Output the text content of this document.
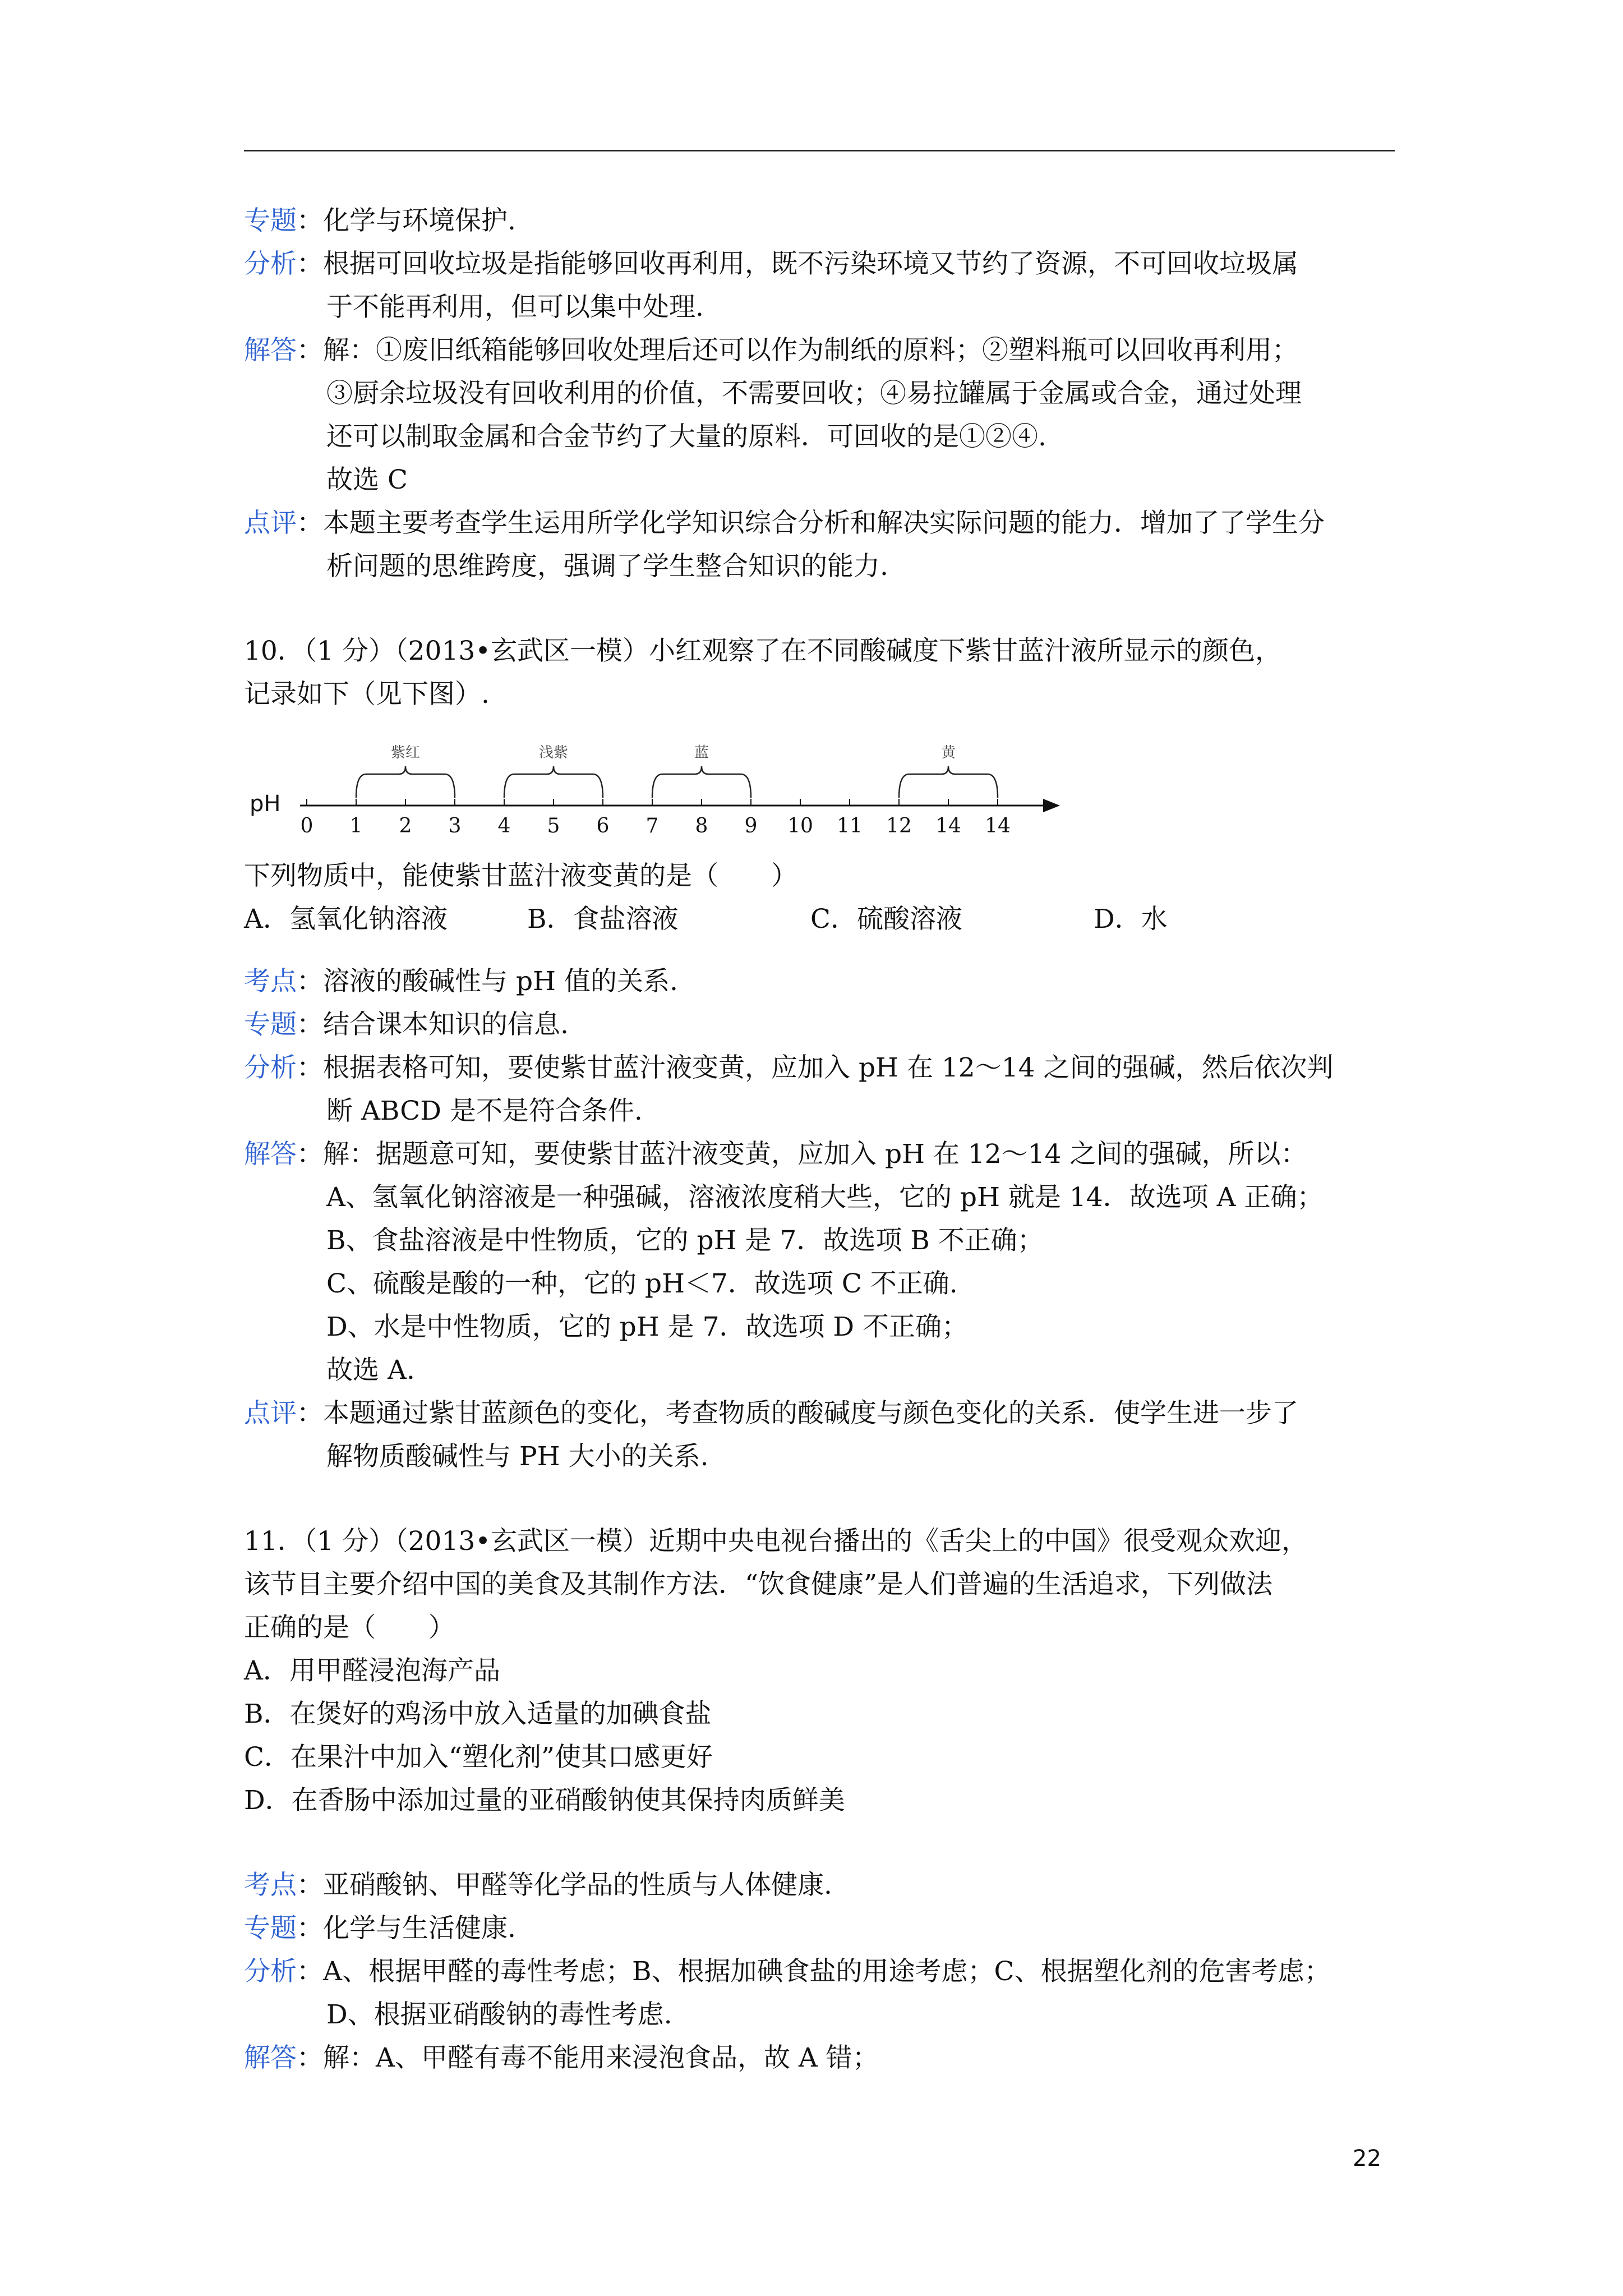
专题：化学与环境保护.
分析：根据可回收垃圾是指能够回收再利用，既不污染环境又节约了资源，不可回收垃圾属
于不能再利用，但可以集中处理.
解答：解：①废旧纸箱能够回收处理后还可以作为制纸的原料；②塑料瓶可以回收再利用；
③厨余垃圾没有回收利用的价值，不需要回收；④易拉罐属于金属或合金，通过处理
还可以制取金属和合金节约了大量的原料．可回收的是①②④.
故选 C
点评：本题主要考查学生运用所学化学知识综合分析和解决实际问题的能力．增加了了学生分
析问题的思维跨度，强调了学生整合知识的能力.
10．（1 分）（2013•玄武区一模）小红观察了在不同酸碱度下紫甘蓝汁液所显示的颜色，
记录如下（见下图）.
pH
0 1 2 3 4 5 6 7 8 9 10 11 12 14 14
紫红	浅紫	蓝	黄
下列物质中，能使紫甘蓝汁液变黄的是（　　）
A．氢氧化钠溶液	B．食盐溶液	C．硫酸溶液	D．水
考点：溶液的酸碱性与 pH 值的关系.
专题：结合课本知识的信息.
分析：根据表格可知，要使紫甘蓝汁液变黄，应加入 pH 在 12～14 之间的强碱，然后依次判
断 ABCD 是不是符合条件.
解答：解：据题意可知，要使紫甘蓝汁液变黄，应加入 pH 在 12～14 之间的强碱，所以：
A、氢氧化钠溶液是一种强碱，溶液浓度稍大些，它的 pH 就是 14．故选项 A 正确；
B、食盐溶液是中性物质，它的 pH 是 7．故选项 B 不正确；
C、硫酸是酸的一种，它的 pH＜7．故选项 C 不正确.
D、水是中性物质，它的 pH 是 7．故选项 D 不正确；
故选 A.
点评：本题通过紫甘蓝颜色的变化，考查物质的酸碱度与颜色变化的关系．使学生进一步了
解物质酸碱性与 PH 大小的关系.
11．（1 分）（2013•玄武区一模）近期中央电视台播出的《舌尖上的中国》很受观众欢迎，
该节目主要介绍中国的美食及其制作方法．“饮食健康”是人们普遍的生活追求，下列做法
正确的是（　　）
A．用甲醛浸泡海产品
B．在煲好的鸡汤中放入适量的加碘食盐
C．在果汁中加入“塑化剂”使其口感更好
D．在香肠中添加过量的亚硝酸钠使其保持肉质鲜美
考点：亚硝酸钠、甲醛等化学品的性质与人体健康.
专题：化学与生活健康.
分析：A、根据甲醛的毒性考虑；B、根据加碘食盐的用途考虑；C、根据塑化剂的危害考虑；
D、根据亚硝酸钠的毒性考虑.
解答：解：A、甲醛有毒不能用来浸泡食品，故 A 错；
22
